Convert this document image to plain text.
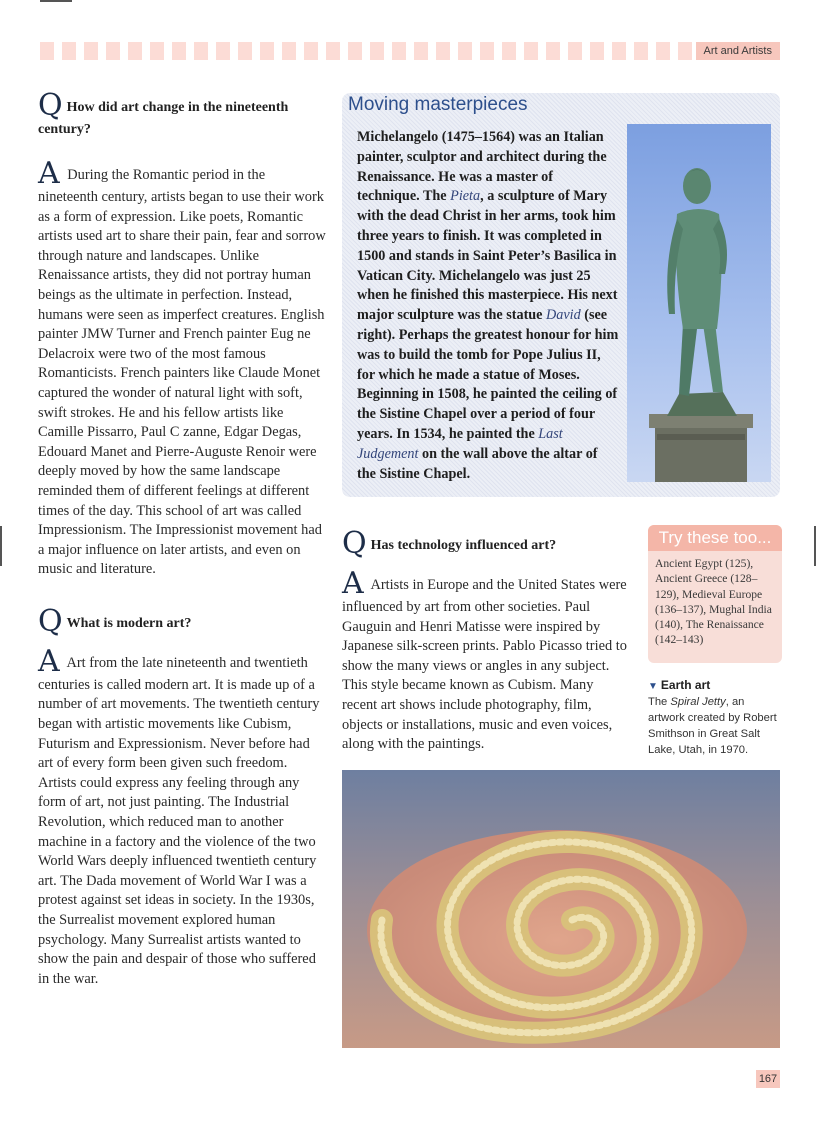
Art and Artists
Q How did art change in the nineteenth century?

A During the Romantic period in the nineteenth century, artists began to use their work as a form of expression. Like poets, Romantic artists used art to share their pain, fear and sorrow through nature and landscapes. Unlike Renaissance artists, they did not portray human beings as the ultimate in perfection. Instead, humans were seen as imperfect creatures. English painter JMW Turner and French painter Eug ne Delacroix were two of the most famous Romanticists. French painters like Claude Monet captured the wonder of natural light with soft, swift strokes. He and his fellow artists like Camille Pissarro, Paul C zanne, Edgar Degas, Edouard Manet and Pierre-Auguste Renoir were deeply moved by how the same landscape reminded them of different feelings at different times of the day. This school of art was called Impressionism. The Impressionist movement had a major influence on later artists, and even on music and literature.

Q What is modern art?

A Art from the late nineteenth and twentieth centuries is called modern art. It is made up of a number of art movements. The twentieth century began with artistic movements like Cubism, Futurism and Expressionism. Never before had art of every form been given such freedom. Artists could express any feeling through any form of art, not just painting. The Industrial Revolution, which reduced man to another machine in a factory and the violence of the two World Wars deeply influenced twentieth century art. The Dada movement of World War I was a protest against set ideas in society. In the 1930s, the Surrealist movement explored human psychology. Many Surrealist artists wanted to show the pain and despair of those who suffered in the war.

Moving masterpieces
Michelangelo (1475–1564) was an Italian painter, sculptor and architect during the Renaissance. He was a master of technique. The Pieta, a sculpture of Mary with the dead Christ in her arms, took him three years to finish. It was completed in 1500 and stands in Saint Peter’s Basilica in Vatican City. Michelangelo was just 25 when he finished this masterpiece. His next major sculpture was the statue David (see right). Perhaps the greatest honour for him was to build the tomb for Pope Julius II, for which he made a statue of Moses. Beginning in 1508, he painted the ceiling of the Sistine Chapel over a period of four years. In 1534, he painted the Last Judgement on the wall above the altar of the Sistine Chapel.
Q Has technology influenced art?

A Artists in Europe and the United States were influenced by art from other societies. Paul Gauguin and Henri Matisse were inspired by Japanese silk-screen prints. Pablo Picasso tried to show the many views or angles in any subject. This style became known as Cubism. Many recent art shows include photography, film, objects or installations, music and even voices, along with the paintings.

Try these too...
Ancient Egypt (125), Ancient Greece (128–129), Medieval Europe (136–137), Mughal India (140), The Renaissance (142–143)
▼ Earth art
The Spiral Jetty, an artwork created by Robert Smithson in Great Salt Lake, Utah, in 1970.
167
